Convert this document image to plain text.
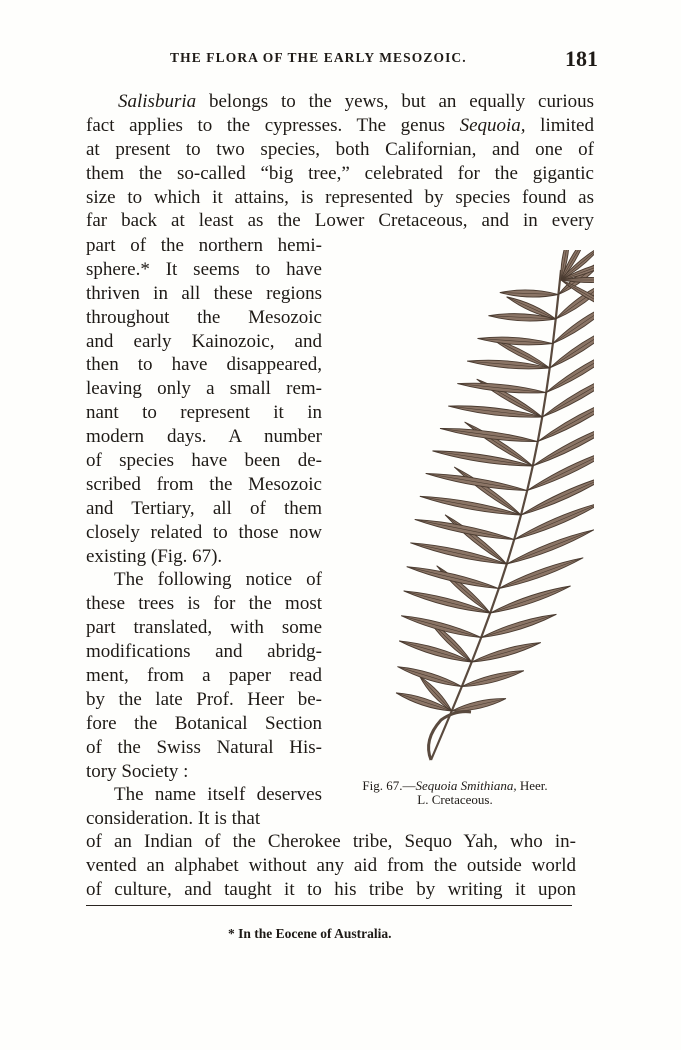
THE FLORA OF THE EARLY MESOZOIC.	181
Salisburia belongs to the yews, but an equally curious
fact applies to the cypresses. The genus Sequoia, limited
at present to two species, both Californian, and one of
them the so-called “big tree,” celebrated for the gigantic
size to which it attains, is represented by species found as
far back at least as the Lower Cretaceous, and in every
part of the northern hemi-
sphere.* It seems to have
thriven in all these regions
throughout the Mesozoic
and early Kainozoic, and
then to have disappeared,
leaving only a small rem-
nant to represent it in
modern days. A number
of species have been de-
scribed from the Mesozoic
and Tertiary, all of them
closely related to those now
existing (Fig. 67).
The following notice of
these trees is for the most
part translated, with some
modifications and abridg-
ment, from a paper read
by the late Prof. Heer be-
fore the Botanical Section
of the Swiss Natural His-
tory Society :
The name itself deserves
consideration. It is that
Fig. 67.—Sequoia Smithiana, Heer.
L. Cretaceous.
of an Indian of the Cherokee tribe, Sequo Yah, who in-
vented an alphabet without any aid from the outside world
of culture, and taught it to his tribe by writing it upon
* In the Eocene of Australia.
